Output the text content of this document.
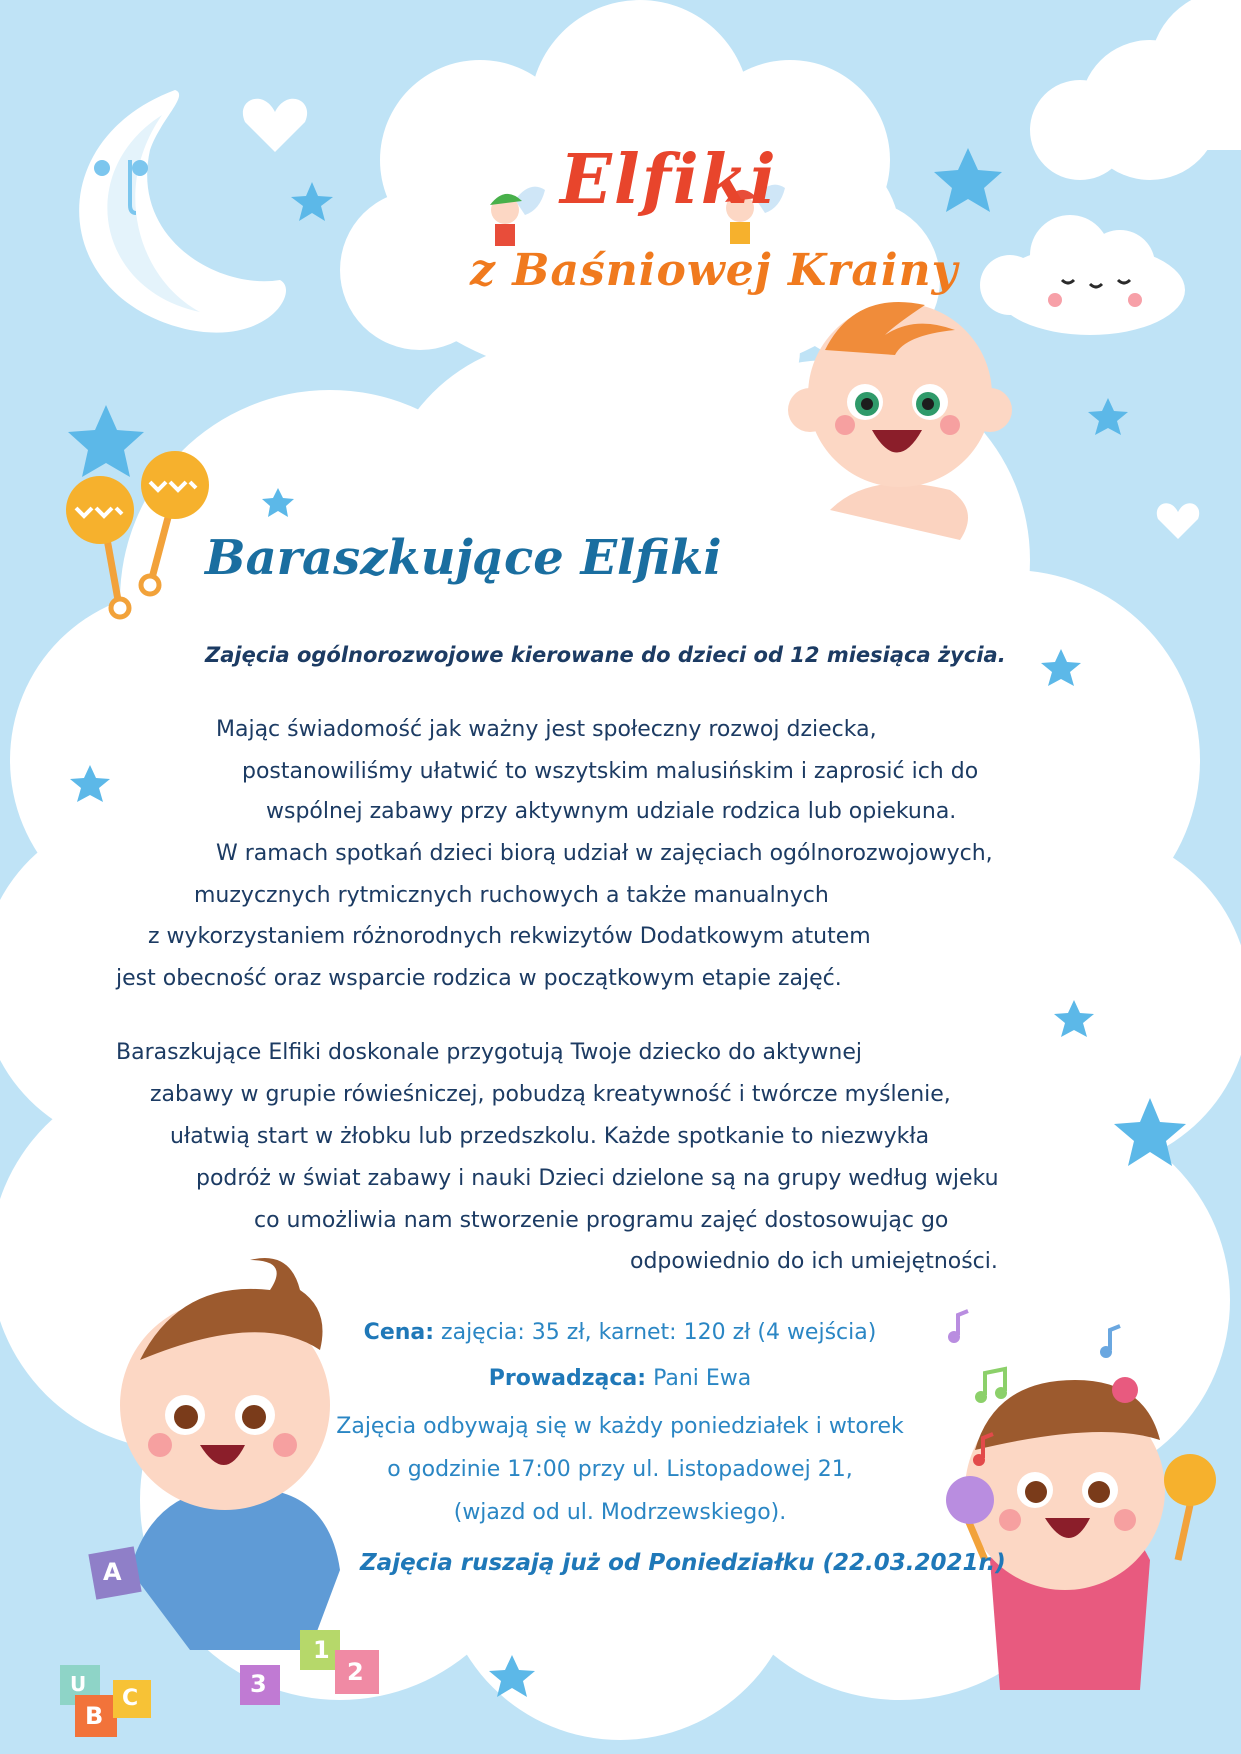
Elfiki
z Baśniowej Krainy
Baraszkujące Elfiki
Zajęcia ogólnorozwojowe kierowane do dzieci od 12 miesiąca życia.
Mając świadomość jak ważny jest społeczny rozwoj dziecka,
postanowiliśmy ułatwić to wszytskim malusińskim i zaprosić ich do
wspólnej zabawy przy aktywnym udziale rodzica lub opiekuna.
W ramach spotkań dzieci biorą udział w zajęciach ogólnorozwojowych,
muzycznych rytmicznych ruchowych a także manualnych
z wykorzystaniem różnorodnych rekwizytów Dodatkowym atutem
jest obecność oraz wsparcie rodzica w początkowym etapie zajęć.
Baraszkujące Elfiki doskonale przygotują Twoje dziecko do aktywnej
zabawy w grupie rówieśniczej, pobudzą kreatywność i twórcze myślenie,
ułatwią start w żłobku lub przedszkolu. Każde spotkanie to niezwykła
podróż w świat zabawy i nauki Dzieci dzielone są na grupy według wjeku
co umożliwia nam stworzenie programu zajęć dostosowując go
odpowiednio do ich umiejętności.
Cena: zajęcia: 35 zł, karnet: 120 zł (4 wejścia)
Prowadząca: Pani Ewa
Zajęcia odbywają się w każdy poniedziałek i wtorek
o godzinie 17:00 przy ul. Listopadowej 21,
(wjazd od ul. Modrzewskiego).
Zajęcia ruszają już od Poniedziałku (22.03.2021r.)
A
U
B
C
3
1
2
